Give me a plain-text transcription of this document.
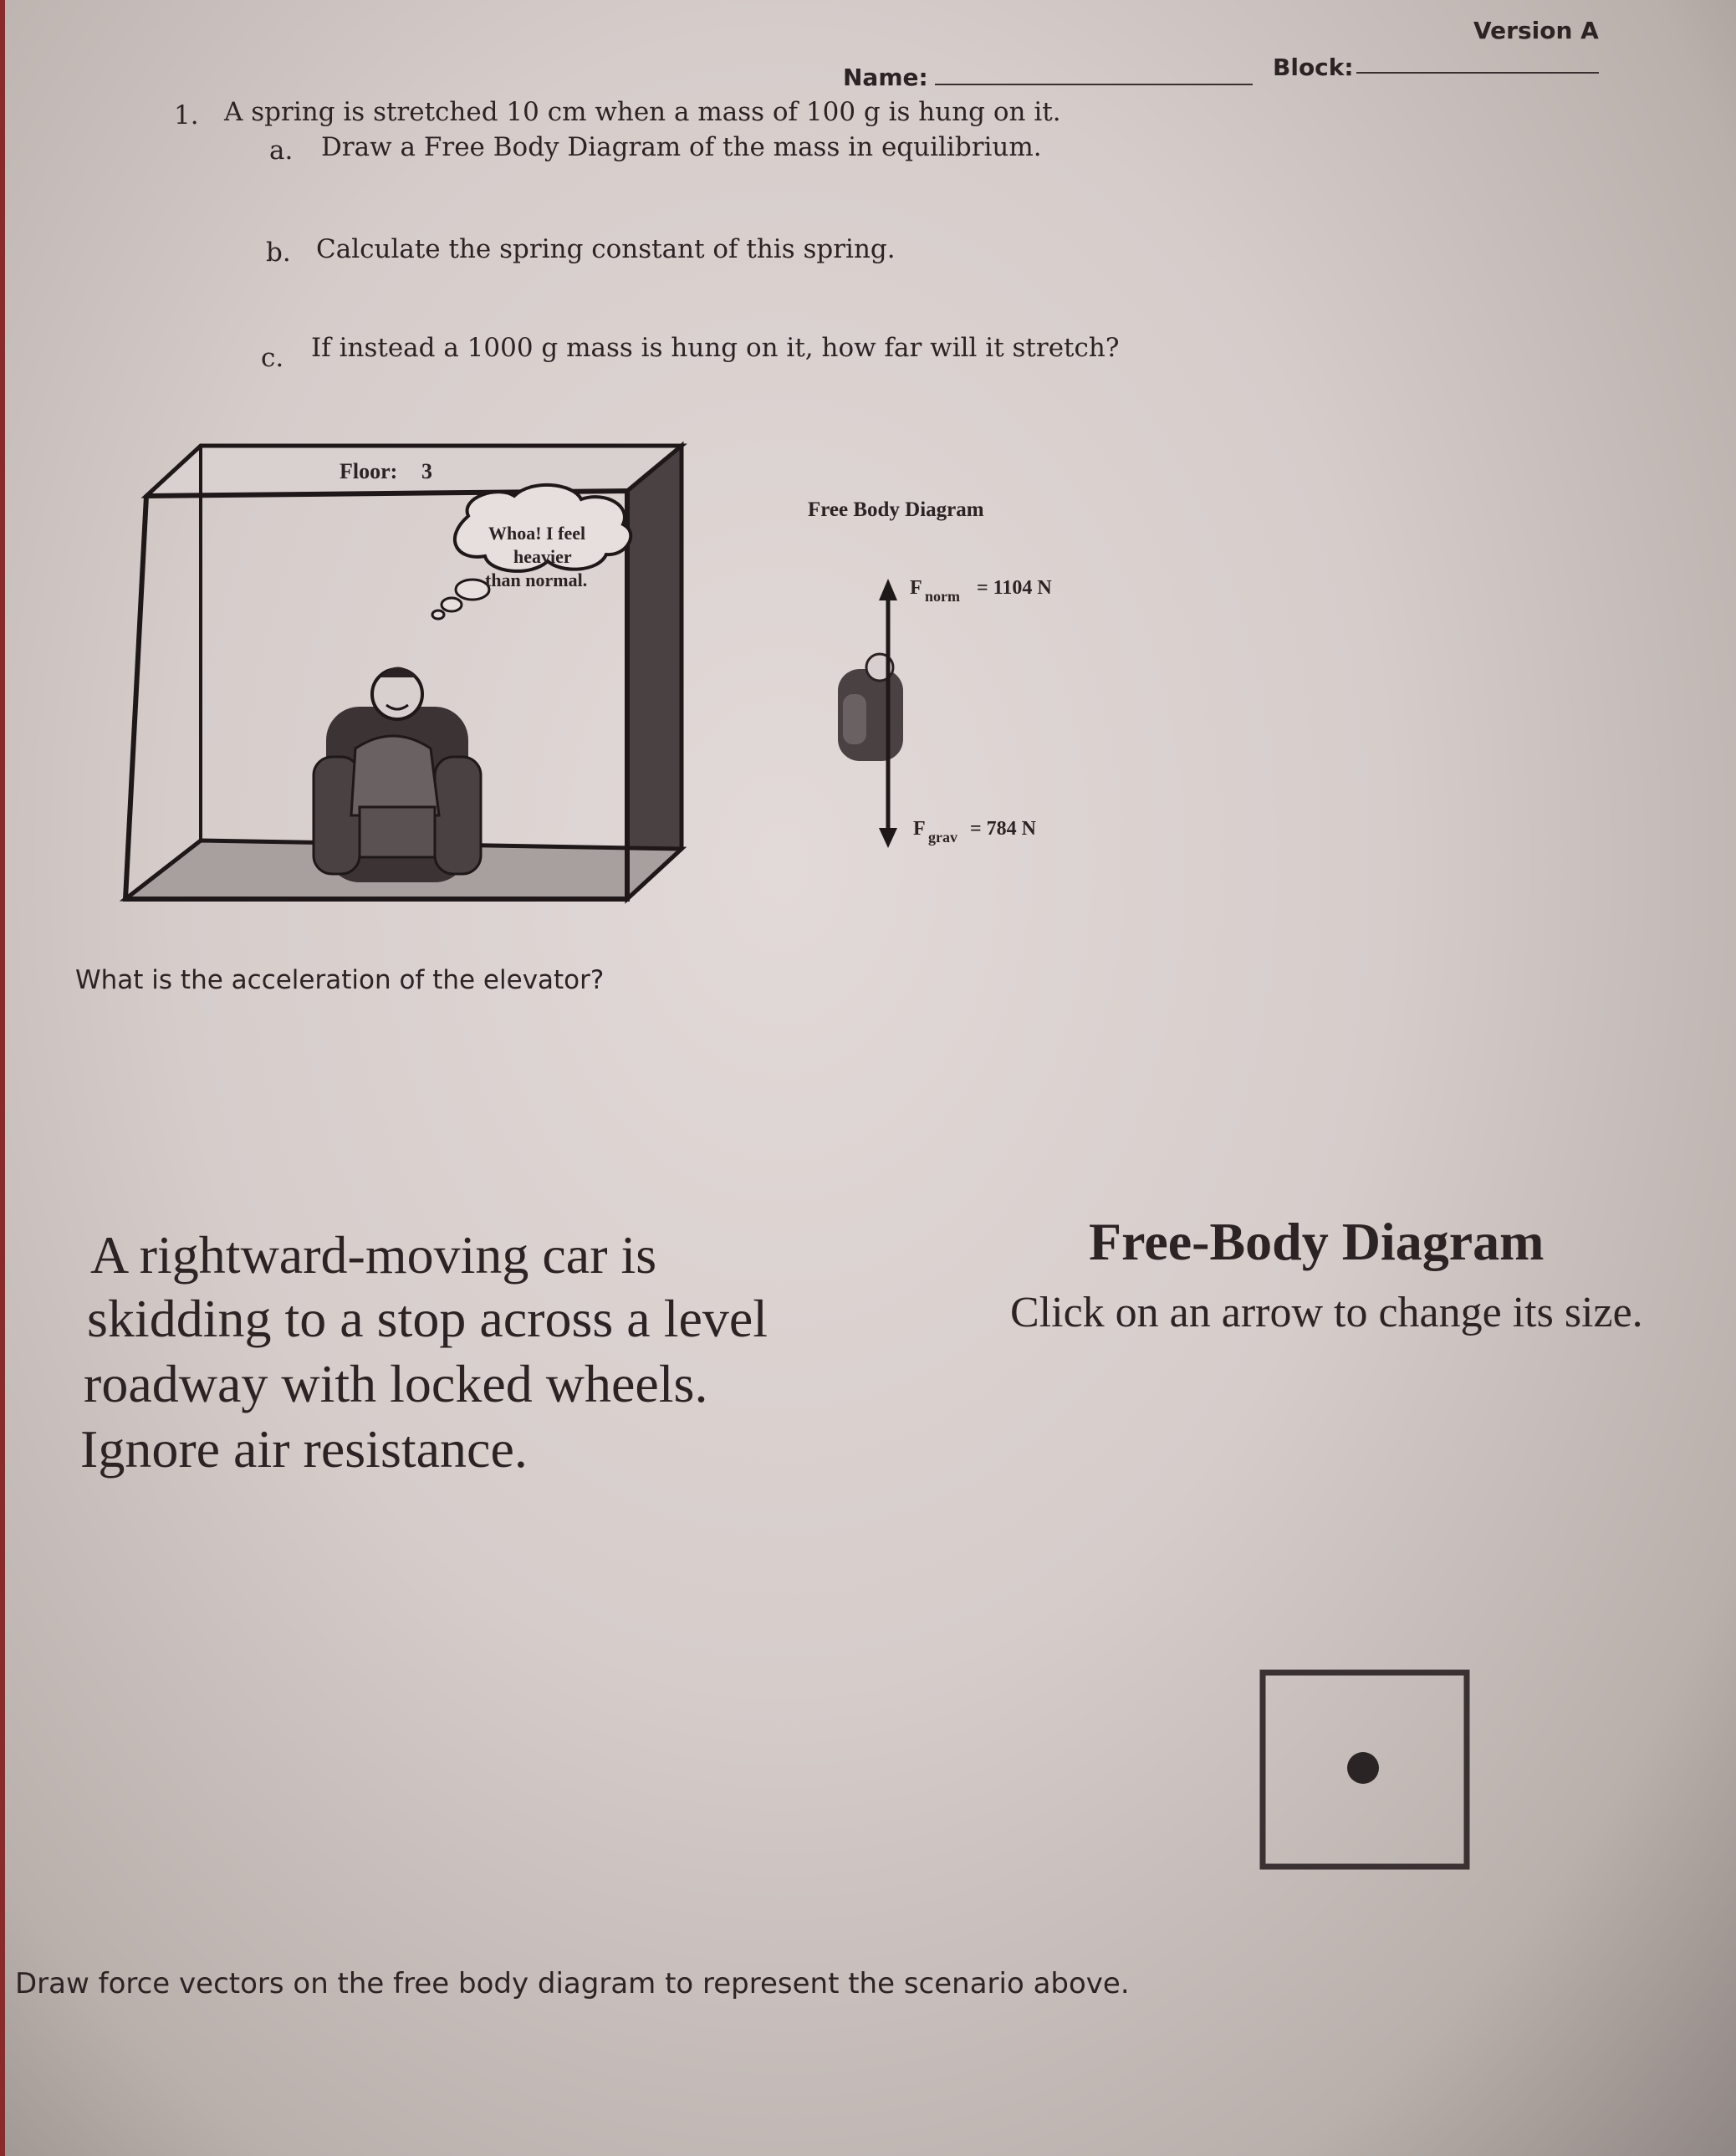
Version A
Name:	Block:
1. A spring is stretched 10 cm when a mass of 100 g is hung on it.
a. Draw a Free Body Diagram of the mass in equilibrium.
b. Calculate the spring constant of this spring.
c. If instead a 1000 g mass is hung on it, how far will it stretch?
Floor: 3
Whoa! I feel
heavier
than normal.
Free Body Diagram
F norm = 1104 N
F grav = 784 N
What is the acceleration of the elevator?
A rightward-moving car is
skidding to a stop across a level
roadway with locked wheels.
Ignore air resistance.
Free-Body Diagram
Click on an arrow to change its size.
Draw force vectors on the free body diagram to represent the scenario above.
